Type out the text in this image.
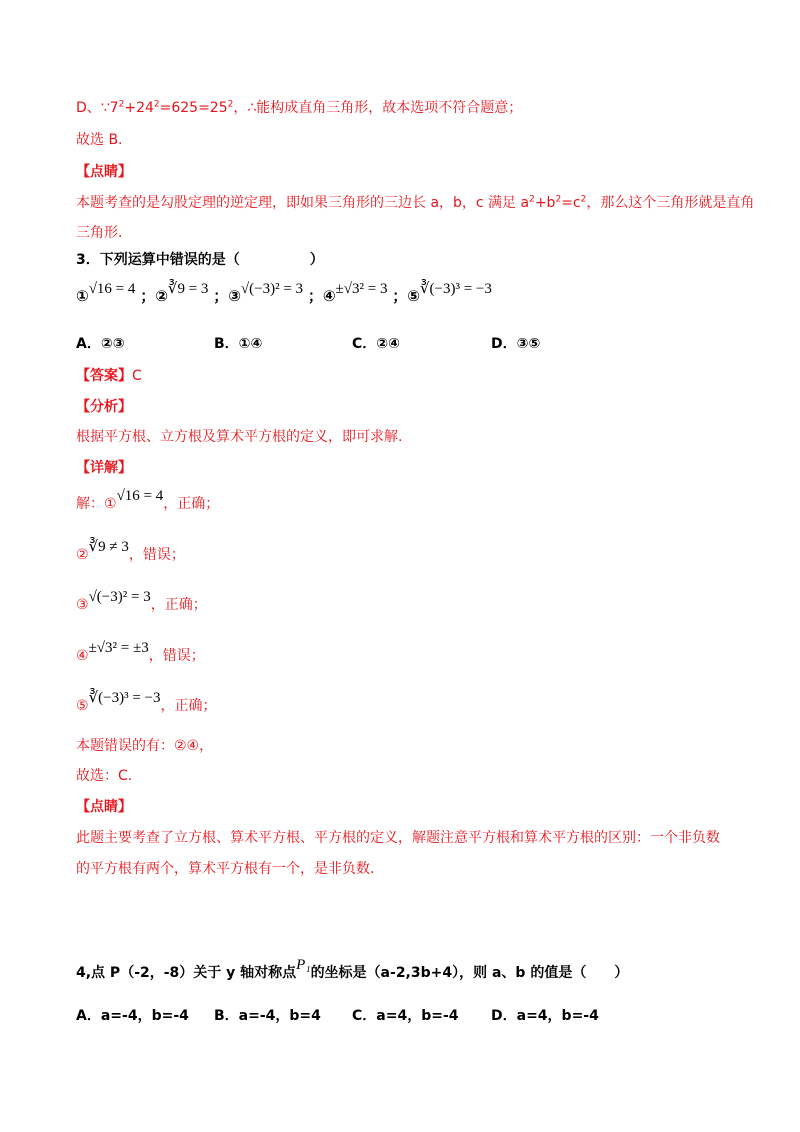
D、$\because 7^2+24^2=625=25^2$，∴能构成直角三角形，故本选项不符合题意；
故选 B.
【点睛】
本题考查的是勾股定理的逆定理，即如果三角形的三边长 a，b，c 满足 $a^2+b^2=c^2$，那么这个三角形就是直角
三角形.
3．下列运算中错误的是（　　　　　）
①√16 = 4 ；②∛9 = 3 ；③√(−3)² = 3 ；④±√3² = 3 ；⑤∛(−3)³ = −3
A．②③	B．①④	C．②④	D．③⑤
【答案】C
【分析】
根据平方根、立方根及算术平方根的定义，即可求解.
【详解】
解：①√16 = 4，正确；
②∛9 ≠ 3，错误；
③√(−3)² = 3，正确；
④±√3² = ±3，错误；
⑤∛(−3)³ = −3，正确；
本题错误的有：②④，
故选：C.
【点睛】
此题主要考查了立方根、算术平方根、平方根的定义，解题注意平方根和算术平方根的区别：一个非负数
的平方根有两个，算术平方根有一个，是非负数.
4,点 P（-2，-8）关于 y 轴对称点P₁的坐标是（a-2,3b+4），则 a、b 的值是（　　）
A．a=-4，b=-4 B．a=-4，b=4 C．a=4，b=-4 D．a=4，b=-4
